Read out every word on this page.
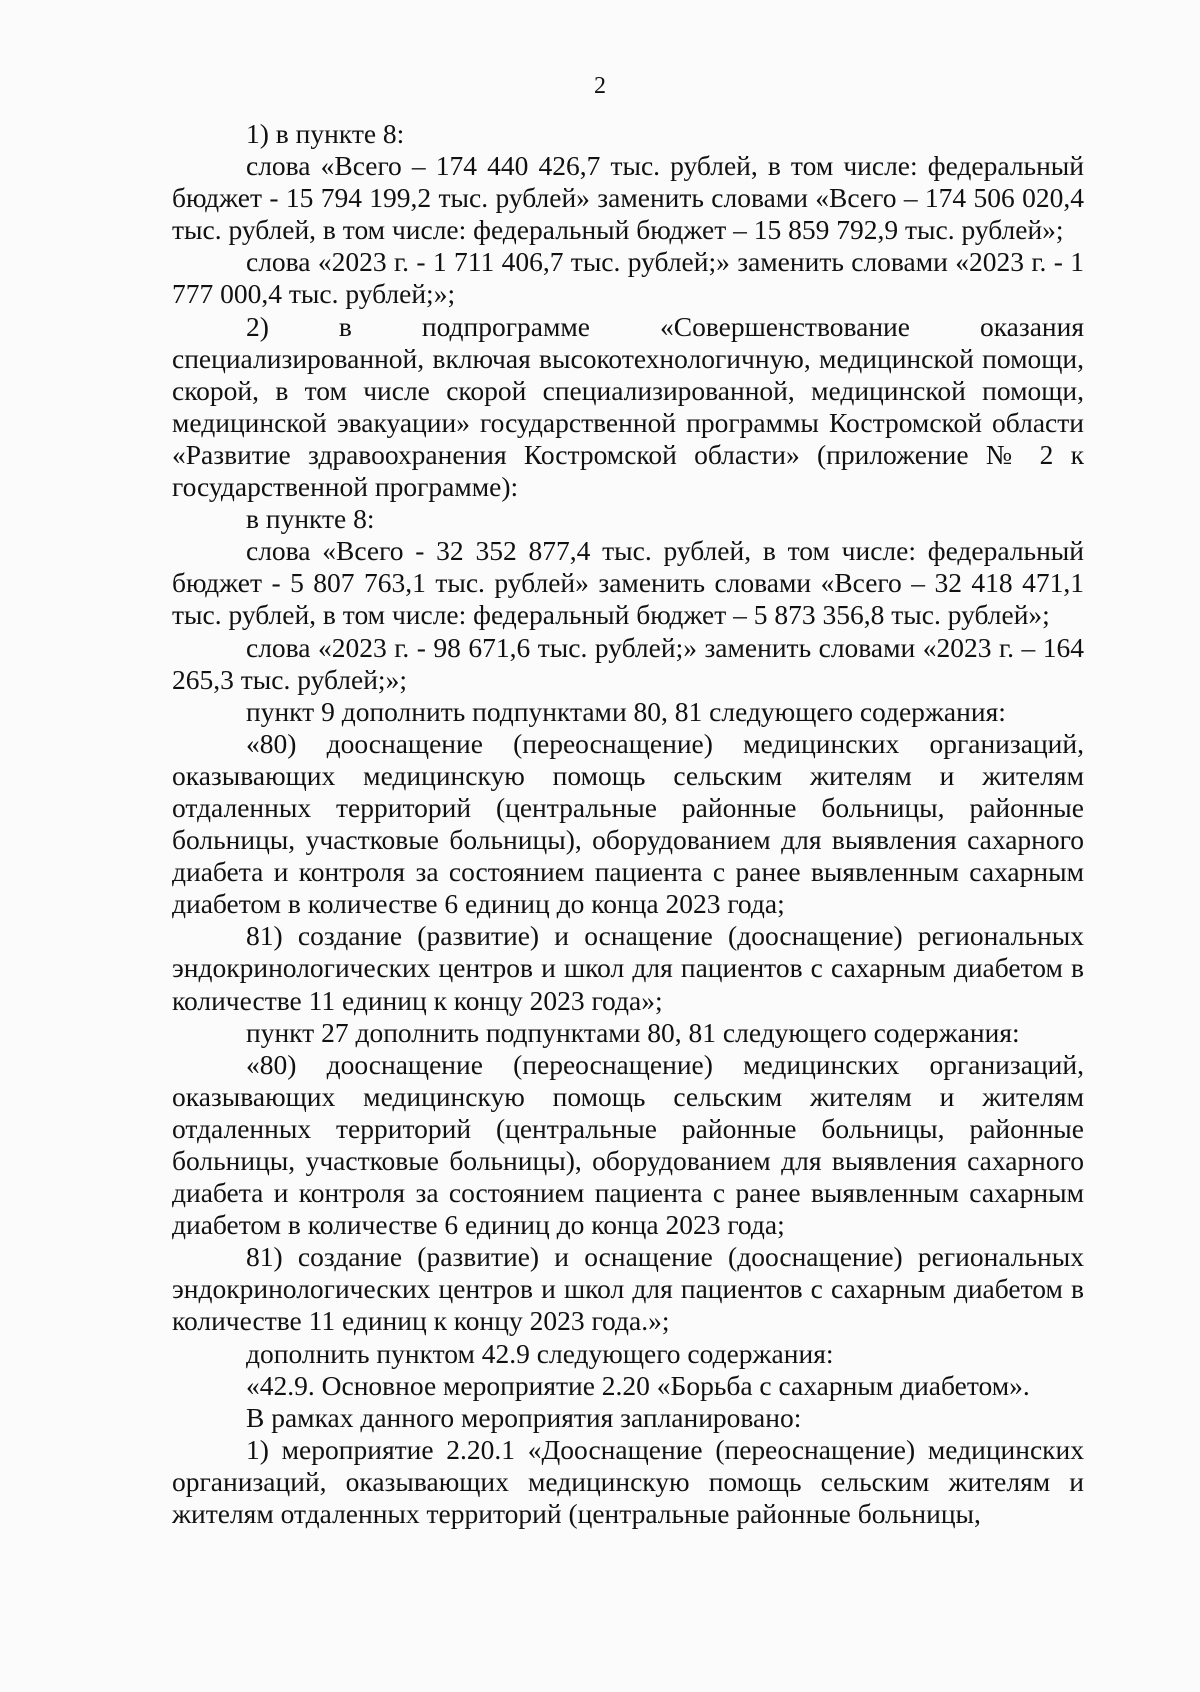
2

1) в пункте 8:

слова «Всего – 174 440 426,7 тыс. рублей, в том числе: федеральный бюджет - 15 794 199,2 тыс. рублей» заменить словами «Всего – 174 506 020,4 тыс. рублей, в том числе: федеральный бюджет – 15 859 792,9 тыс. рублей»;

слова «2023 г. - 1 711 406,7 тыс. рублей;» заменить словами «2023 г. - 1 777 000,4 тыс. рублей;»;

2) в подпрограмме «Совершенствование оказания специализированной, включая высокотехнологичную, медицинской помощи, скорой, в том числе скорой специализированной, медицинской помощи, медицинской эвакуации» государственной программы Костромской области «Развитие здравоохранения Костромской области» (приложение № 2 к государственной программе):

в пункте 8:

слова «Всего - 32 352 877,4 тыс. рублей, в том числе: федеральный бюджет - 5 807 763,1 тыс. рублей» заменить словами «Всего – 32 418 471,1 тыс. рублей, в том числе: федеральный бюджет – 5 873 356,8 тыс. рублей»;

слова «2023 г. - 98 671,6 тыс. рублей;» заменить словами «2023 г. – 164 265,3 тыс. рублей;»;

пункт 9 дополнить подпунктами 80, 81 следующего содержания:

«80) дооснащение (переоснащение) медицинских организаций, оказывающих медицинскую помощь сельским жителям и жителям отдаленных территорий (центральные районные больницы, районные больницы, участковые больницы), оборудованием для выявления сахарного диабета и контроля за состоянием пациента с ранее выявленным сахарным диабетом в количестве 6 единиц до конца 2023 года;

81) создание (развитие) и оснащение (дооснащение) региональных эндокринологических центров и школ для пациентов с сахарным диабетом в количестве 11 единиц к концу 2023 года»;

пункт 27 дополнить подпунктами 80, 81 следующего содержания:

«80) дооснащение (переоснащение) медицинских организаций, оказывающих медицинскую помощь сельским жителям и жителям отдаленных территорий (центральные районные больницы, районные больницы, участковые больницы), оборудованием для выявления сахарного диабета и контроля за состоянием пациента с ранее выявленным сахарным диабетом в количестве 6 единиц до конца 2023 года;

81) создание (развитие) и оснащение (дооснащение) региональных эндокринологических центров и школ для пациентов с сахарным диабетом в количестве 11 единиц к концу 2023 года.»;

дополнить пунктом 42.9 следующего содержания:

«42.9. Основное мероприятие 2.20 «Борьба с сахарным диабетом».

В рамках данного мероприятия запланировано:

1) мероприятие 2.20.1 «Дооснащение (переоснащение) медицинских организаций, оказывающих медицинскую помощь сельским жителям и жителям отдаленных территорий (центральные районные больницы,
